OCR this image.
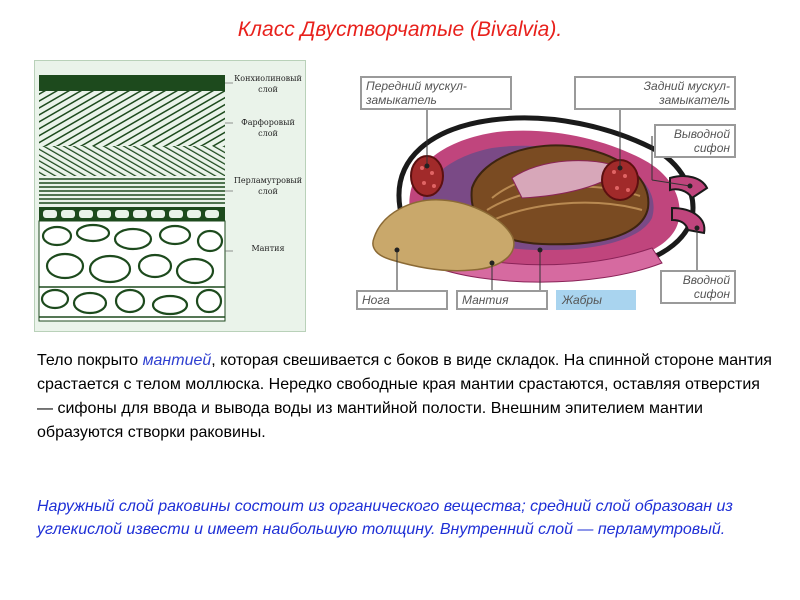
Класс Двустворчатые (Bivalvia).
Конхиолиновый слой
Фарфоровый слой
Перламутровый слой
Мантия
Передний мускул-замыкатель
Задний мускул-замыкатель
Выводной сифон
Вводной сифон
Нога	Мантия	Жабры
Тело покрыто мантией, которая свешивается с боков в виде складок. На спинной стороне мантия срастается с телом моллюска. Нередко свободные края мантии срастаются, оставляя отверстия — сифоны для ввода и вывода воды из мантийной полости. Внешним эпителием мантии образуются створки раковины.
Наружный слой раковины состоит из органического вещества; средний слой образован из углекислой извести и имеет наибольшую толщину. Внутренний слой — перламутровый.
